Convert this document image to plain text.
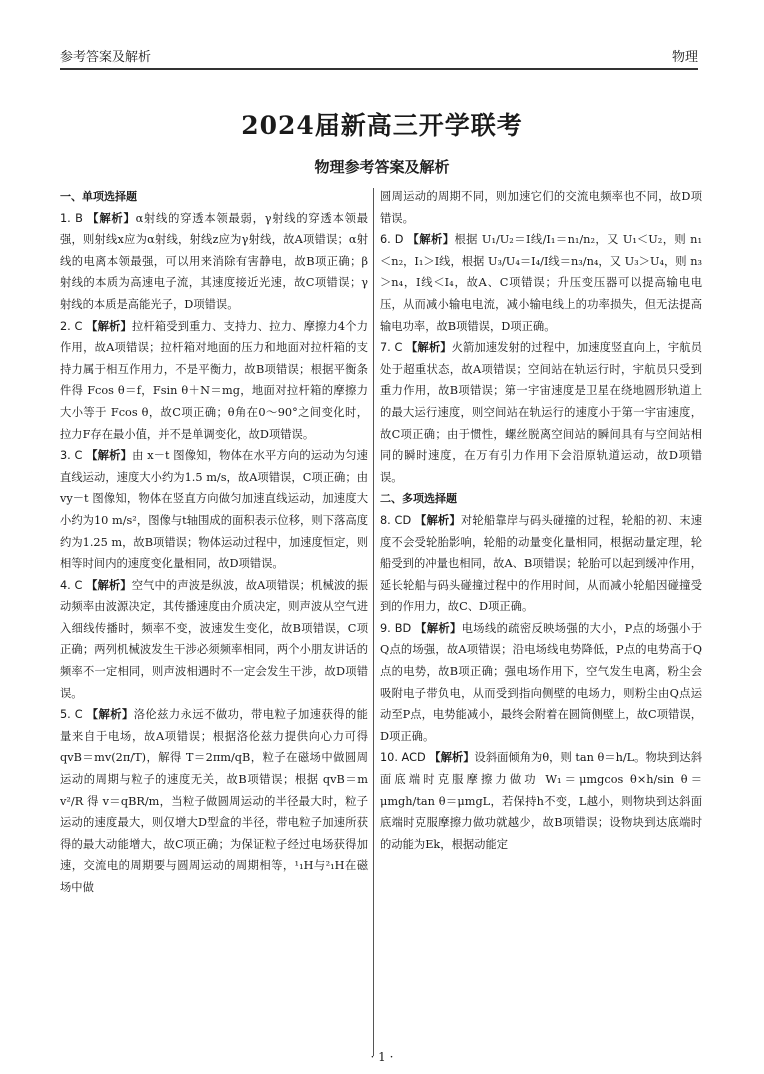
参考答案及解析	物理
2024届新高三开学联考
物理参考答案及解析
一、单项选择题

1. B 【解析】α射线的穿透本领最弱，γ射线的穿透本领最强，则射线x应为α射线，射线z应为γ射线，故A项错误；α射线的电离本领最强，可以用来消除有害静电，故B项正确；β射线的本质为高速电子流，其速度接近光速，故C项错误；γ射线的本质是高能光子，D项错误。

2. C 【解析】拉杆箱受到重力、支持力、拉力、摩擦力4个力作用，故A项错误；拉杆箱对地面的压力和地面对拉杆箱的支持力属于相互作用力，不是平衡力，故B项错误；根据平衡条件得 Fcos θ＝f，Fsin θ＋N＝mg，地面对拉杆箱的摩擦力大小等于 Fcos θ，故C项正确；θ角在0～90°之间变化时，拉力F存在最小值，并不是单调变化，故D项错误。

3. C 【解析】由 x－t 图像知，物体在水平方向的运动为匀速直线运动，速度大小约为1.5 m/s，故A项错误，C项正确；由 vy－t 图像知，物体在竖直方向做匀加速直线运动，加速度大小约为10 m/s²，图像与t轴围成的面积表示位移，则下落高度约为1.25 m，故B项错误；物体运动过程中，加速度恒定，则相等时间内的速度变化量相同，故D项错误。

4. C 【解析】空气中的声波是纵波，故A项错误；机械波的振动频率由波源决定，其传播速度由介质决定，则声波从空气进入细线传播时，频率不变，波速发生变化，故B项错误，C项正确；两列机械波发生干涉必须频率相同，两个小朋友讲话的频率不一定相同，则声波相遇时不一定会发生干涉，故D项错误。

5. C 【解析】洛伦兹力永远不做功，带电粒子加速获得的能量来自于电场，故A项错误；根据洛伦兹力提供向心力可得 qvB＝mv(2π/T)，解得 T＝2πm/qB，粒子在磁场中做圆周运动的周期与粒子的速度无关，故B项错误；根据 qvB＝m v²/R 得 v＝qBR/m，当粒子做圆周运动的半径最大时，粒子运动的速度最大，则仅增大D型盒的半径，带电粒子加速所获得的最大动能增大，故C项正确；为保证粒子经过电场获得加速，交流电的周期要与圆周运动的周期相等，¹₁H与²₁H在磁场中做

圆周运动的周期不同，则加速它们的交流电频率也不同，故D项错误。

6. D 【解析】根据 U₁/U₂＝I线/I₁＝n₁/n₂，又 U₁＜U₂，则 n₁＜n₂，I₁＞I线，根据 U₃/U₄＝I₄/I线＝n₃/n₄，又 U₃＞U₄，则 n₃＞n₄，I线＜I₄，故A、C项错误；升压变压器可以提高输电电压，从而减小输电电流，减小输电线上的功率损失，但无法提高输电功率，故B项错误，D项正确。

7. C 【解析】火箭加速发射的过程中，加速度竖直向上，宇航员处于超重状态，故A项错误；空间站在轨运行时，宇航员只受到重力作用，故B项错误；第一宇宙速度是卫星在绕地圆形轨道上的最大运行速度，则空间站在轨运行的速度小于第一宇宙速度，故C项正确；由于惯性，螺丝脱离空间站的瞬间具有与空间站相同的瞬时速度，在万有引力作用下会沿原轨道运动，故D项错误。

二、多项选择题

8. CD 【解析】对轮船靠岸与码头碰撞的过程，轮船的初、末速度不会受轮胎影响，轮船的动量变化量相同，根据动量定理，轮船受到的冲量也相同，故A、B项错误；轮胎可以起到缓冲作用，延长轮船与码头碰撞过程中的作用时间，从而减小轮船因碰撞受到的作用力，故C、D项正确。

9. BD 【解析】电场线的疏密反映场强的大小，P点的场强小于Q点的场强，故A项错误；沿电场线电势降低，P点的电势高于Q点的电势，故B项正确；强电场作用下，空气发生电离，粉尘会吸附电子带负电，从而受到指向侧壁的电场力，则粉尘由Q点运动至P点，电势能减小，最终会附着在圆筒侧壁上，故C项错误，D项正确。

10. ACD 【解析】设斜面倾角为θ，则 tan θ＝h/L。物块到达斜面底端时克服摩擦力做功 W₁＝μmgcos θ×h/sin θ＝μmgh/tan θ＝μmgL，若保持h不变，L越小，则物块到达斜面底端时克服摩擦力做功就越少，故B项错误；设物块到达底端时的动能为Ek，根据动能定

· 1 ·
